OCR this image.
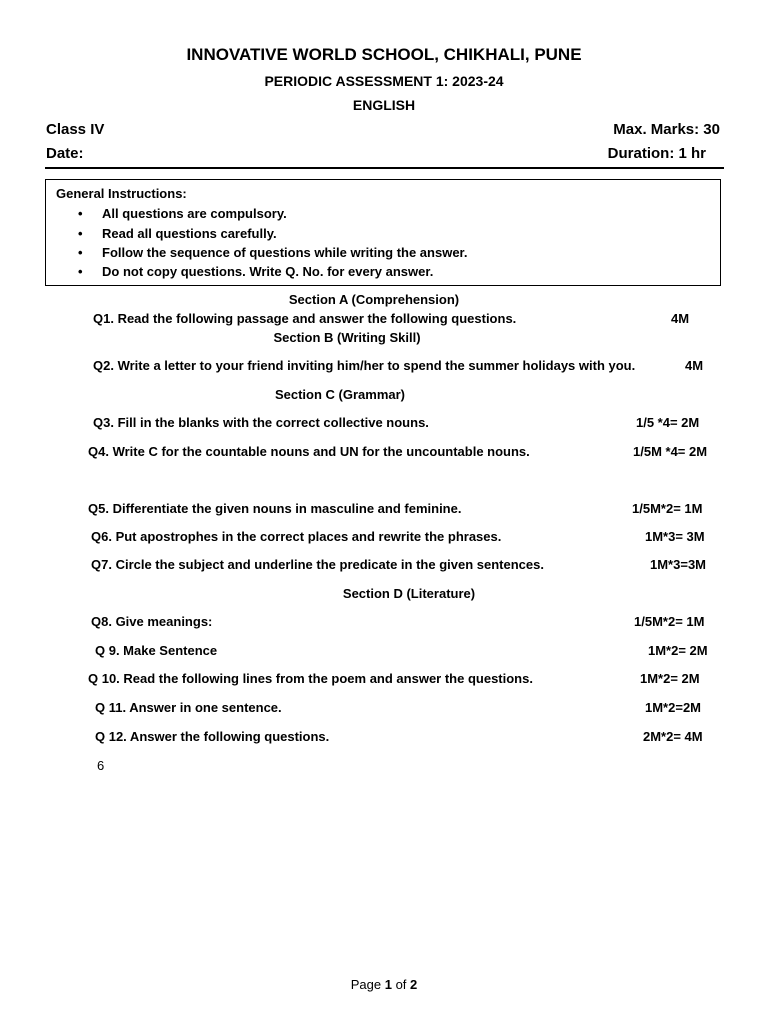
INNOVATIVE WORLD SCHOOL, CHIKHALI, PUNE
PERIODIC ASSESSMENT 1: 2023-24
ENGLISH
Class IV	Max. Marks: 30
Date:	Duration: 1 hr
General Instructions:
• All questions are compulsory.
• Read all questions carefully.
• Follow the sequence of questions while writing the answer.
• Do not copy questions. Write Q. No. for every answer.
Section A (Comprehension)
Q1. Read the following passage and answer the following questions.	4M
Section B (Writing Skill)
Q2. Write a letter to your friend inviting him/her to spend the summer holidays with you.	4M
Section C (Grammar)
Q3. Fill in the blanks with the correct collective nouns.	1/5 *4= 2M
Q4. Write C for the countable nouns and UN for the uncountable nouns.	1/5M *4= 2M
Q5. Differentiate the given nouns in masculine and feminine.	1/5M*2= 1M
Q6. Put apostrophes in the correct places and rewrite the phrases.	1M*3= 3M
Q7. Circle the subject and underline the predicate in the given sentences.	1M*3=3M
Section D (Literature)
Q8. Give meanings:	1/5M*2= 1M
Q 9. Make Sentence	1M*2= 2M
Q 10. Read the following lines from the poem and answer the questions.	1M*2= 2M
Q 11. Answer in one sentence.	1M*2=2M
Q 12. Answer the following questions.	2M*2= 4M
6
Page 1 of 2
